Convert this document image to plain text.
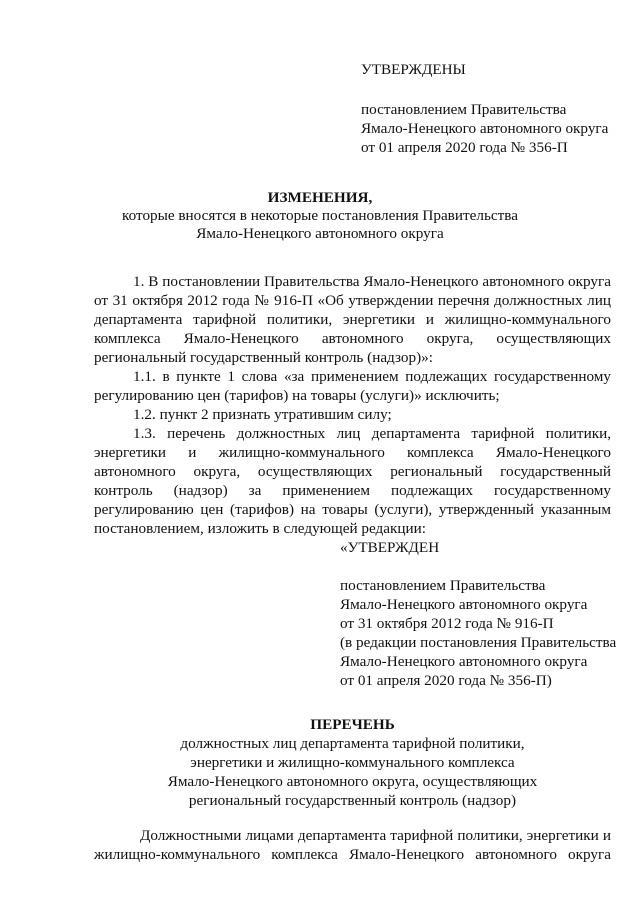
УТВЕРЖДЕНЫ
постановлением Правительства
Ямало-Ненецкого автономного округа
от 01 апреля 2020 года № 356-П
ИЗМЕНЕНИЯ,
которые вносятся в некоторые постановления Правительства
Ямало-Ненецкого автономного округа
1. В постановлении Правительства Ямало-Ненецкого автономного округа
от 31 октября 2012 года № 916-П «Об утверждении перечня должностных лиц
департамента тарифной политики, энергетики и жилищно-коммунального
комплекса Ямало-Ненецкого автономного округа, осуществляющих
региональный государственный контроль (надзор)»:
1.1. в пункте 1 слова «за применением подлежащих государственному
регулированию цен (тарифов) на товары (услуги)» исключить;
1.2. пункт 2 признать утратившим силу;
1.3. перечень должностных лиц департамента тарифной политики,
энергетики и жилищно-коммунального комплекса Ямало-Ненецкого
автономного округа, осуществляющих региональный государственный
контроль (надзор) за применением подлежащих государственному
регулированию цен (тарифов) на товары (услуги), утвержденный указанным
постановлением, изложить в следующей редакции:
«УТВЕРЖДЕН
постановлением Правительства
Ямало-Ненецкого автономного округа
от 31 октября 2012 года № 916-П
(в редакции постановления Правительства
Ямало-Ненецкого автономного округа
от 01 апреля 2020 года № 356-П)
ПЕРЕЧЕНЬ
должностных лиц департамента тарифной политики,
энергетики и жилищно-коммунального комплекса
Ямало-Ненецкого автономного округа, осуществляющих
региональный государственный контроль (надзор)
Должностными лицами департамента тарифной политики, энергетики и
жилищно-коммунального комплекса Ямало-Ненецкого автономного округа
